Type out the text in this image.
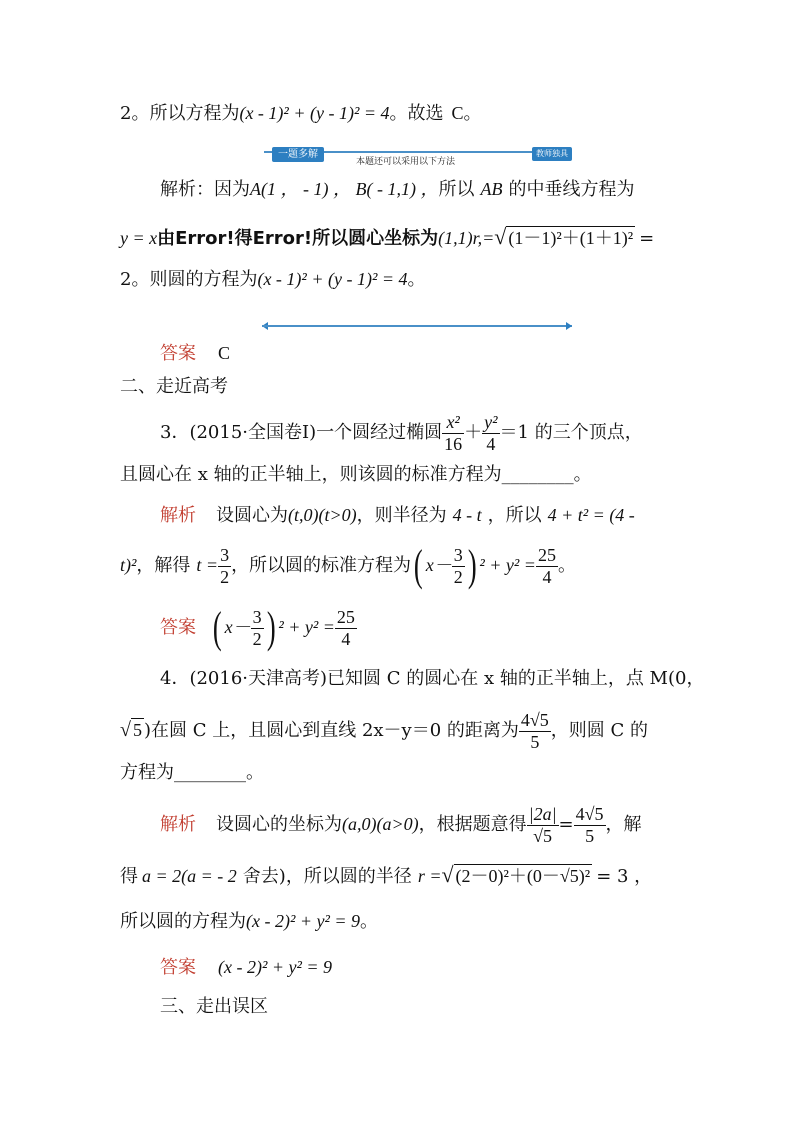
2。所以方程为(x - 1)² + (y - 1)² = 4。故选 C。
一题多解
本题还可以采用以下方法
教师独具
解析：因为A(1 ， - 1) ， B( - 1,1) ，所以 AB 的中垂线方程为
y = x由Error!得Error!所以圆心坐标为(1,1)r,=√ (1－1)²＋(1＋1)² =
2。则圆的方程为(x - 1)² + (y - 1)² = 4。
答案 C
二、走近高考
3．(2015·全国卷Ⅰ)一个圆经过椭圆 $\frac{\text{x²}}{16} + \frac{\text{y²}}{4} =1$ 的三个顶点，
且圆心在 x 轴的正半轴上，则该圆的标准方程为________。
解析 设圆心为(t,0)(t>0)，则半径为 4 - t ，所以 4 + t² = (4 -
t)²，解得 $t = \frac{3}{2}$ ，所以圆的标准方程为( $x- \frac{3}{2}$ ) $^2 + y^2 = \frac{25}{4}$ 。
答案 ( $x- \frac{3}{2}$ ) $^2 + y^2 = \frac{25}{4}$
4．(2016·天津高考)已知圆 C 的圆心在 x 轴的正半轴上，点 M(0，
√ 5 )在圆 C 上，且圆心到直线 2x－y＝0 的距离为 $\frac{4√5}{5}$ ，则圆 C 的
方程为________。
解析 设圆心的坐标为(a,0)(a>0)，根据题意得 $\frac{|2a|}{√5} = \frac{4√5}{5}$ ，解
得 a = 2(a = - 2 舍去)，所以圆的半径 r =√ (2－0)²＋(0－√5)² = 3 ，
所以圆的方程为(x - 2)² + y² = 9。
答案 (x - 2)² + y² = 9
三、走出误区
